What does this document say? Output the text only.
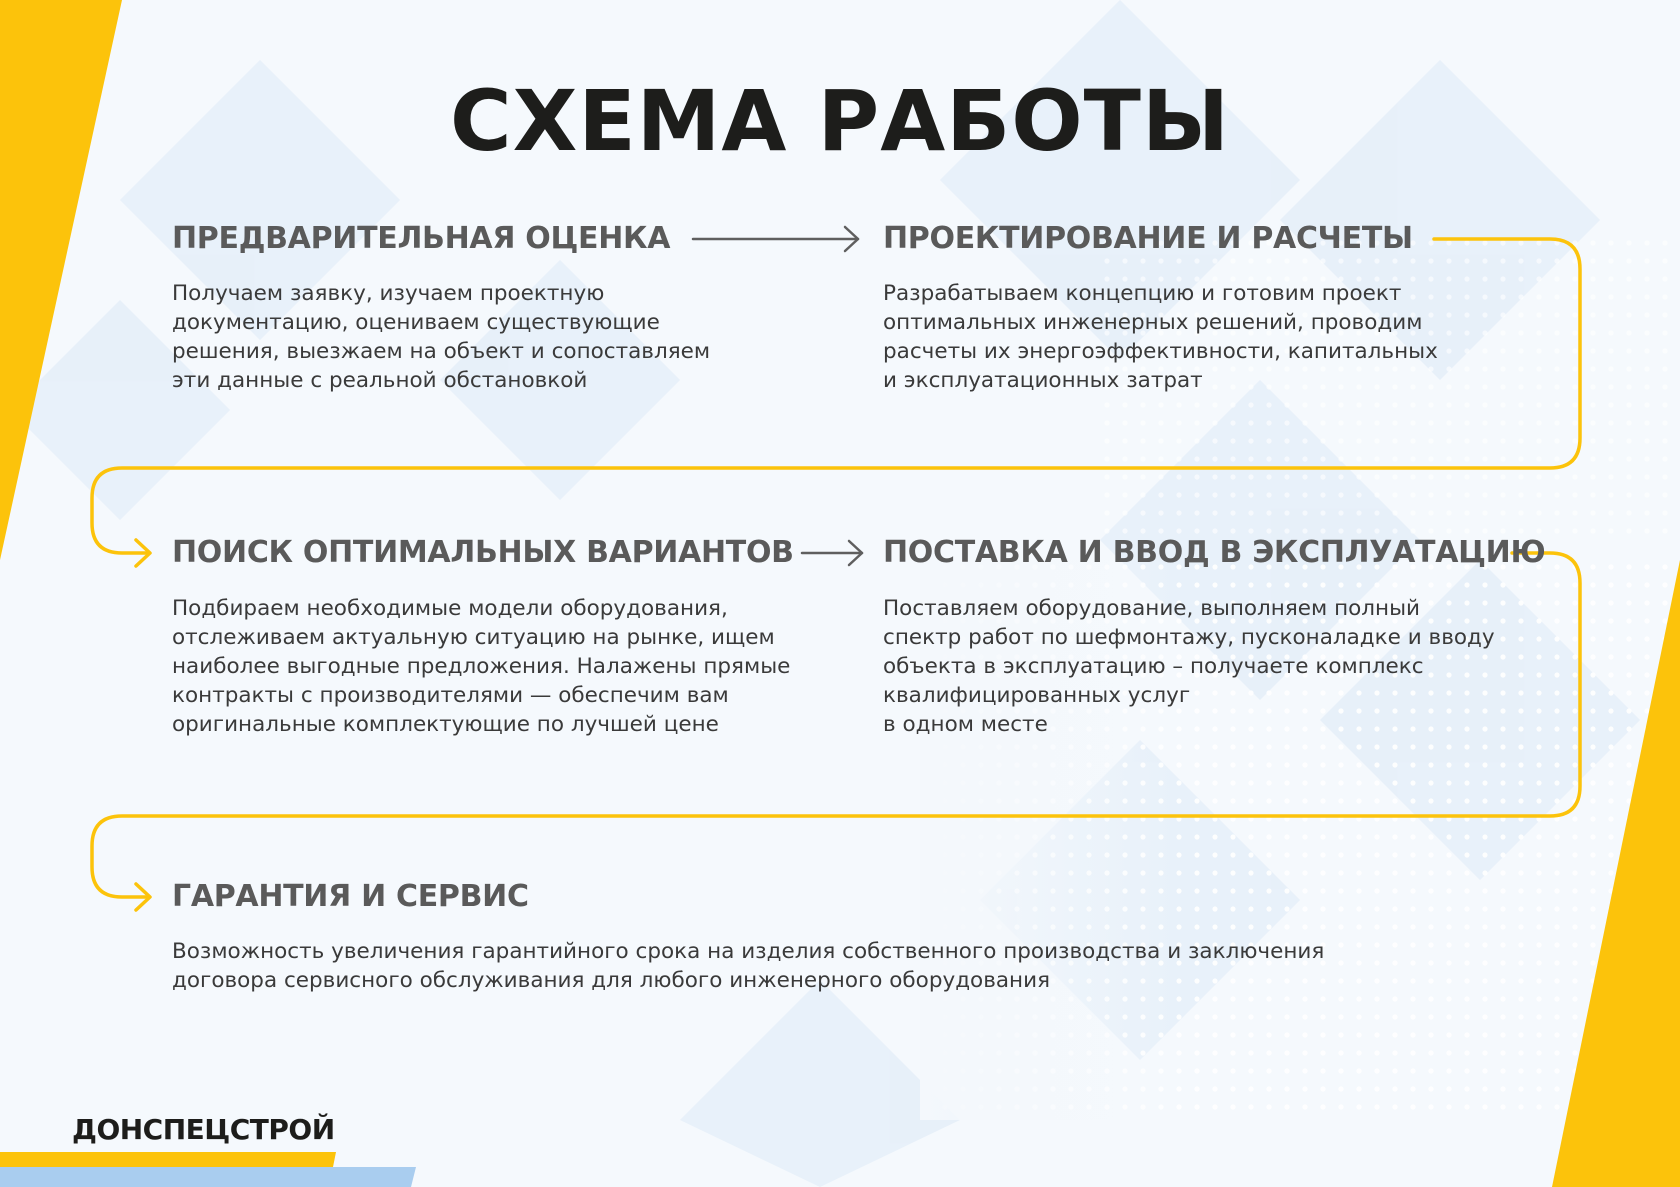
СХЕМА РАБОТЫ
ПРЕДВАРИТЕЛЬНАЯ ОЦЕНКА

Получаем заявку, изучаем проектную
документацию, оцениваем существующие
решения, выезжаем на объект и сопоставляем
эти данные с реальной обстановкой

ПРОЕКТИРОВАНИЕ И РАСЧЕТЫ

Разрабатываем концепцию и готовим проект
оптимальных инженерных решений, проводим
расчеты их энергоэффективности, капитальных
и эксплуатационных затрат

ПОИСК ОПТИМАЛЬНЫХ ВАРИАНТОВ

Подбираем необходимые модели оборудования,
отслеживаем актуальную ситуацию на рынке, ищем
наиболее выгодные предложения. Налажены прямые
контракты с производителями — обеспечим вам
оригинальные комплектующие по лучшей цене

ПОСТАВКА И ВВОД В ЭКСПЛУАТАЦИЮ

Поставляем оборудование, выполняем полный
спектр работ по шефмонтажу, пусконаладке и вводу
объекта в эксплуатацию – получаете комплекс
квалифицированных услуг
в одном месте

ГАРАНТИЯ И СЕРВИС

Возможность увеличения гарантийного срока на изделия собственного производства и заключения
договора сервисного обслуживания для любого инженерного оборудования

ДОНСПЕЦСТРОЙ
